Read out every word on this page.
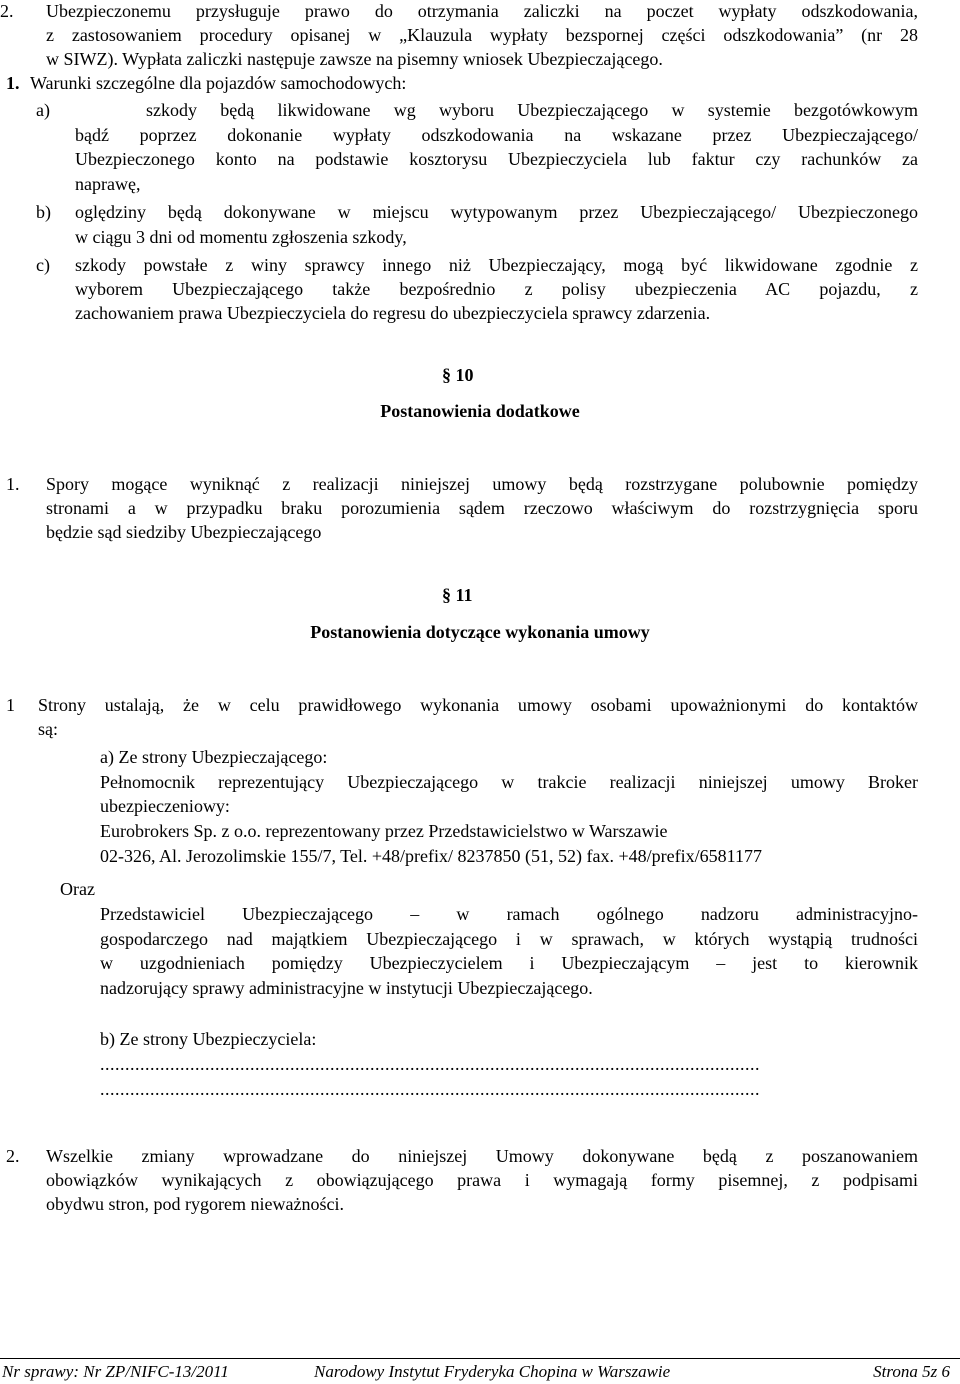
2. Ubezpieczonemu przysługuje prawo do otrzymania zaliczki na poczet wypłaty odszkodowania,
z zastosowaniem procedury opisanej w „Klauzula wypłaty bezspornej części odszkodowania” (nr 28
w SIWZ). Wypłata zaliczki następuje zawsze na pisemny wniosek Ubezpieczającego.
1. Warunki szczególne dla pojazdów samochodowych:
a)	szkody będą likwidowane wg wyboru Ubezpieczającego w systemie bezgotówkowym
bądź poprzez dokonanie wypłaty odszkodowania na wskazane przez Ubezpieczającego/
Ubezpieczonego konto na podstawie kosztorysu Ubezpieczyciela lub faktur czy rachunków za
naprawę,
b) oględziny będą dokonywane w miejscu wytypowanym przez Ubezpieczającego/ Ubezpieczonego
w ciągu 3 dni od momentu zgłoszenia szkody,
c) szkody powstałe z winy sprawcy innego niż Ubezpieczający, mogą być likwidowane zgodnie z
wyborem Ubezpieczającego także bezpośrednio z polisy ubezpieczenia AC pojazdu, z
zachowaniem prawa Ubezpieczyciela do regresu do ubezpieczyciela sprawcy zdarzenia.
§ 10
Postanowienia dodatkowe
1. Spory mogące wyniknąć z realizacji niniejszej umowy będą rozstrzygane polubownie pomiędzy
stronami a w przypadku braku porozumienia sądem rzeczowo właściwym do rozstrzygnięcia sporu
będzie sąd siedziby Ubezpieczającego
§ 11
Postanowienia dotyczące wykonania umowy
1 Strony ustalają, że w celu prawidłowego wykonania umowy osobami upoważnionymi do kontaktów
są:
a) Ze strony Ubezpieczającego:
Pełnomocnik reprezentujący Ubezpieczającego w trakcie realizacji niniejszej umowy Broker
ubezpieczeniowy:
Eurobrokers Sp. z o.o. reprezentowany przez Przedstawicielstwo w Warszawie
02-326, Al. Jerozolimskie 155/7, Tel. +48/prefix/ 8237850 (51, 52) fax. +48/prefix/6581177
Oraz
Przedstawiciel Ubezpieczającego – w ramach ogólnego nadzoru administracyjno-
gospodarczego nad majątkiem Ubezpieczającego i w sprawach, w których wystąpią trudności
w uzgodnieniach pomiędzy Ubezpieczycielem i Ubezpieczającym – jest to kierownik
nadzorujący sprawy administracyjne w instytucji Ubezpieczającego.
b) Ze strony Ubezpieczyciela:
....................................................................................................................................
....................................................................................................................................
2. Wszelkie zmiany wprowadzane do niniejszej Umowy dokonywane będą z poszanowaniem
obowiązków wynikających z obowiązującego prawa i wymagają formy pisemnej, z podpisami
obydwu stron, pod rygorem nieważności.
Nr sprawy: Nr ZP/NIFC-13/2011	Narodowy Instytut Fryderyka Chopina w Warszawie	Strona 5z 6
